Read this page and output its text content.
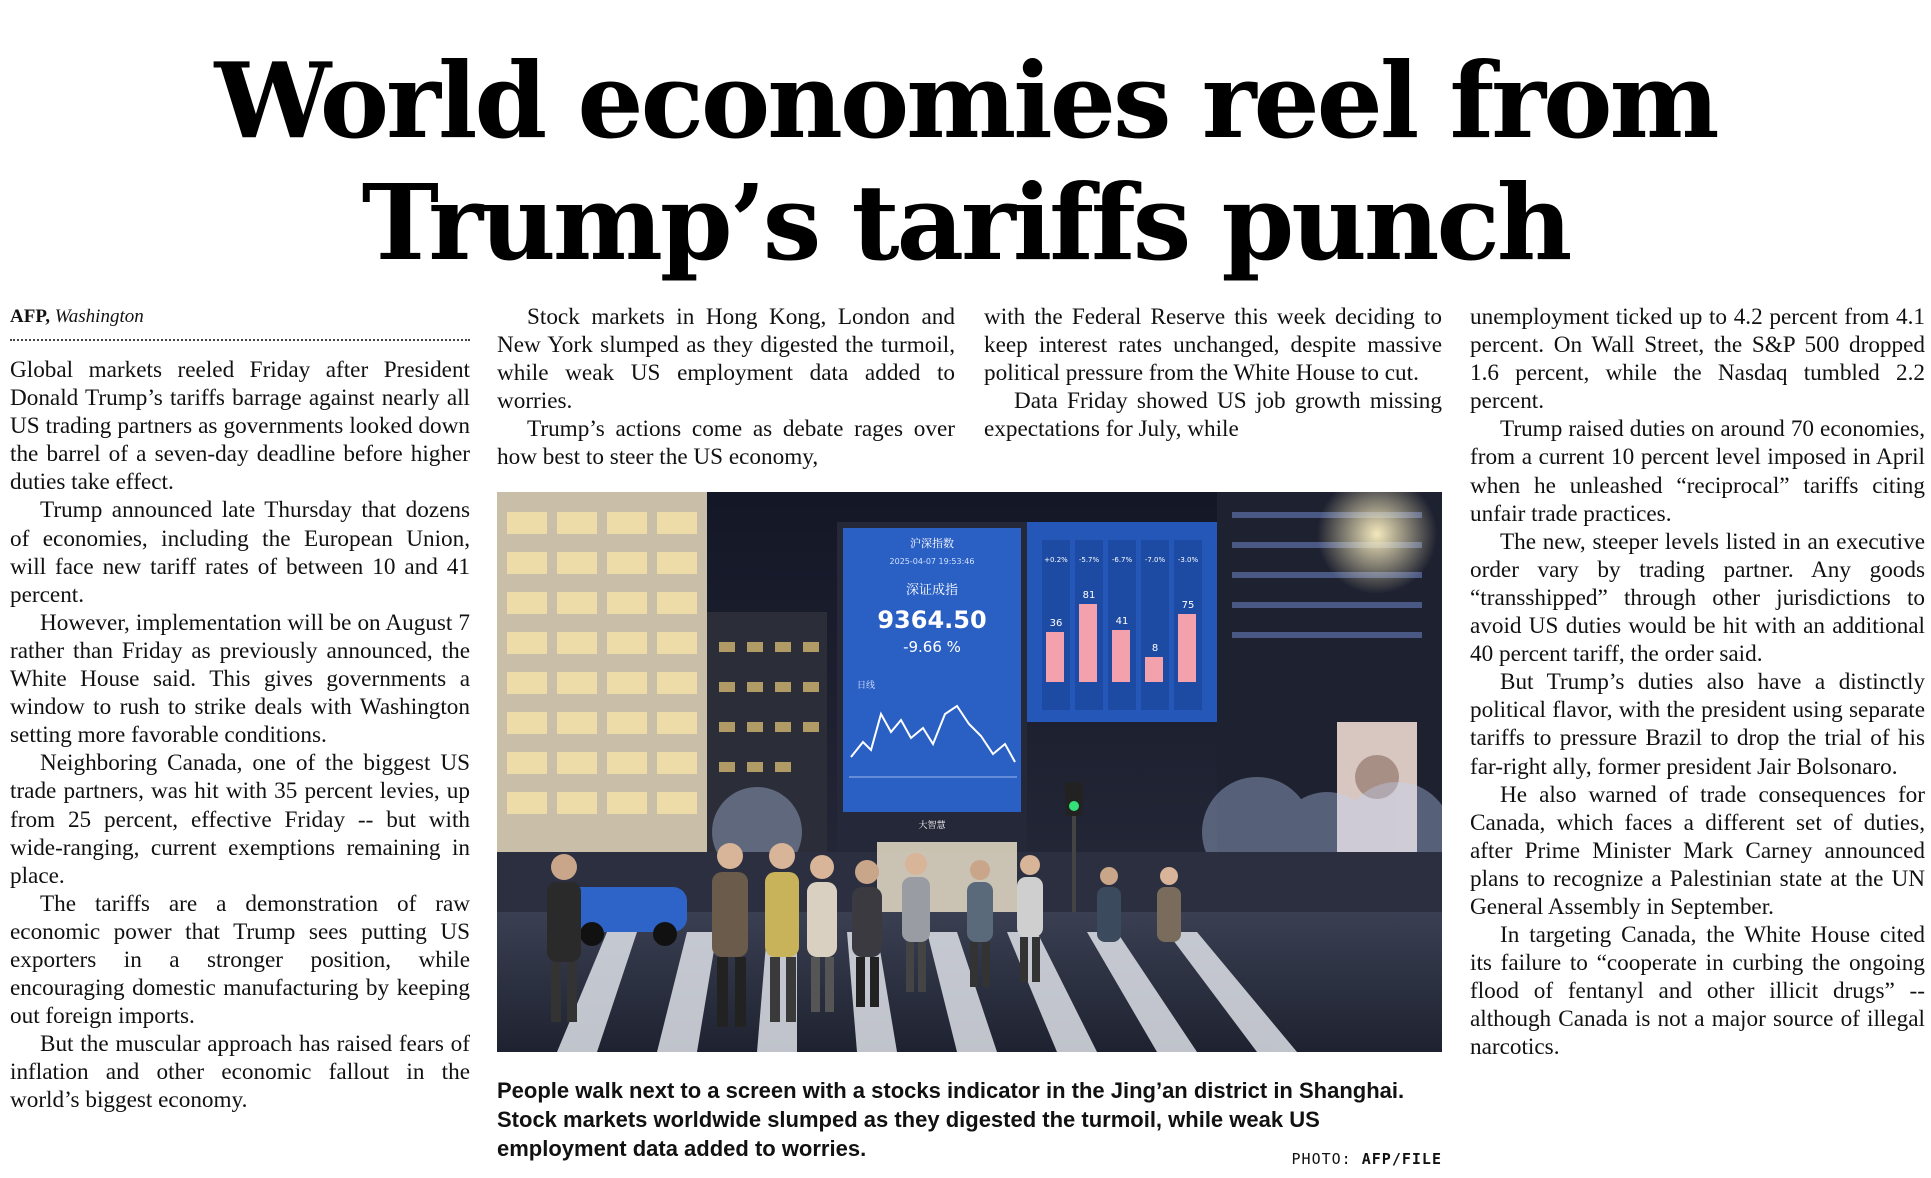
World economies reel from
Trump’s tariffs punch
AFP, Washington

Global markets reeled Friday after President Donald Trump’s tariffs barrage against nearly all US trading partners as governments looked down the barrel of a seven-day deadline before higher duties take effect.

Trump announced late Thursday that dozens of economies, including the European Union, will face new tariff rates of between 10 and 41 percent.

However, implementation will be on August 7 rather than Friday as previously announced, the White House said. This gives governments a window to rush to strike deals with Washington setting more favorable conditions.

Neighboring Canada, one of the biggest US trade partners, was hit with 35 percent levies, up from 25 percent, effective Friday -- but with wide-ranging, current exemptions remaining in place.

The tariffs are a demonstration of raw economic power that Trump sees putting US exporters in a stronger position, while encouraging domestic manufacturing by keeping out foreign imports.

But the muscular approach has raised fears of inflation and other economic fallout in the world’s biggest economy.

Stock markets in Hong Kong, London and New York slumped as they digested the turmoil, while weak US employment data added to worries.

Trump’s actions come as debate rages over how best to steer the US economy,

with the Federal Reserve this week deciding to keep interest rates unchanged, despite massive political pressure from the White House to cut.

Data Friday showed US job growth missing expectations for July, while

unemployment ticked up to 4.2 percent from 4.1 percent. On Wall Street, the S&P 500 dropped 1.6 percent, while the Nasdaq tumbled 2.2 percent.

Trump raised duties on around 70 economies, from a current 10 percent level imposed in April when he unleashed “reciprocal” tariffs citing unfair trade practices.

The new, steeper levels listed in an executive order vary by trading partner. Any goods “transshipped” through other jurisdictions to avoid US duties would be hit with an additional 40 percent tariff, the order said.

But Trump’s duties also have a distinctly political flavor, with the president using separate tariffs to pressure Brazil to drop the trial of his far-right ally, former president Jair Bolsonaro.

He also warned of trade consequences for Canada, which faces a different set of duties, after Prime Minister Mark Carney announced plans to recognize a Palestinian state at the UN General Assembly in September.

In targeting Canada, the White House cited its failure to “cooperate in curbing the ongoing flood of fentanyl and other illicit drugs” -- although Canada is not a major source of illegal narcotics.

沪深指数
2025-04-07 19:53:46
深证成指
9364.50
-9.66 %
日线
大智慧
36
81
41
8
75
+0.2% -5.7% -6.7% -7.0% -3.0%
People walk next to a screen with a stocks indicator in the Jing’an district in Shanghai. Stock markets worldwide slumped as they digested the turmoil, while weak US employment data added to worries.	PHOTO: AFP/FILE
